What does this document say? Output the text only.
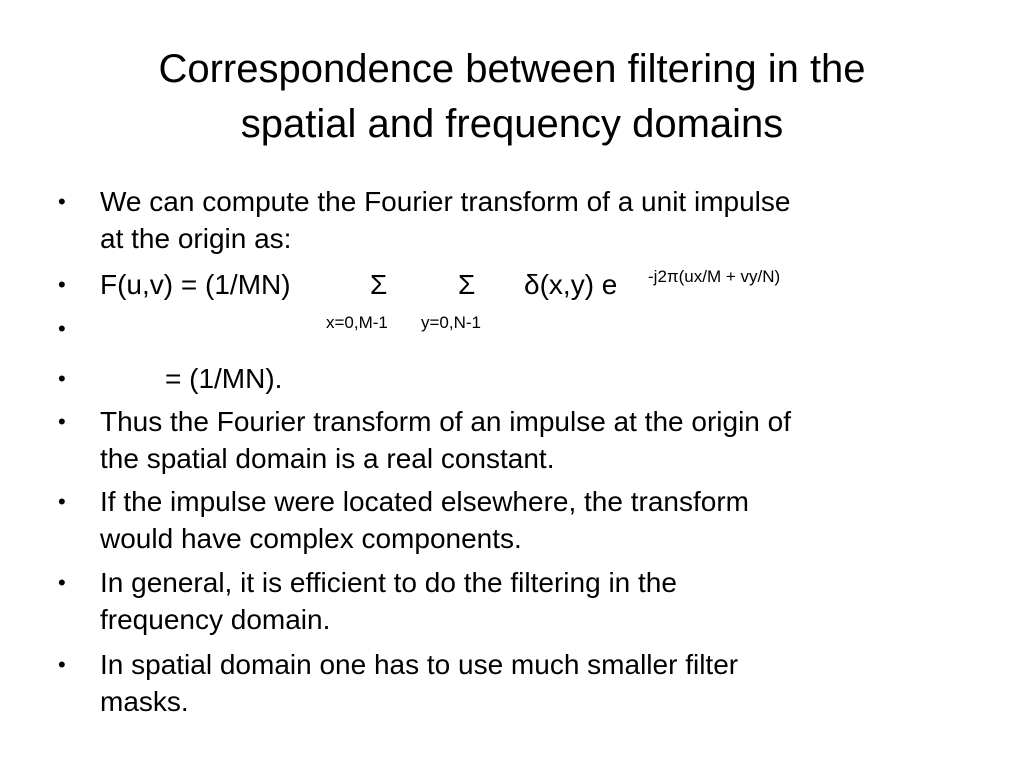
Correspondence between filtering in the
spatial and frequency domains
• We can compute the Fourier transform of a unit impulse
at the origin as:
• F(u,v) = (1/MN)	Σ	Σ δ(x,y) e -j2π(ux/M + vy/N)
•	x=0,M-1 y=0,N-1
•	= (1/MN).
• Thus the Fourier transform of an impulse at the origin of
the spatial domain is a real constant.
• If the impulse were located elsewhere, the transform
would have complex components.
• In general, it is efficient to do the filtering in the
frequency domain.
• In spatial domain one has to use much smaller filter
masks.
